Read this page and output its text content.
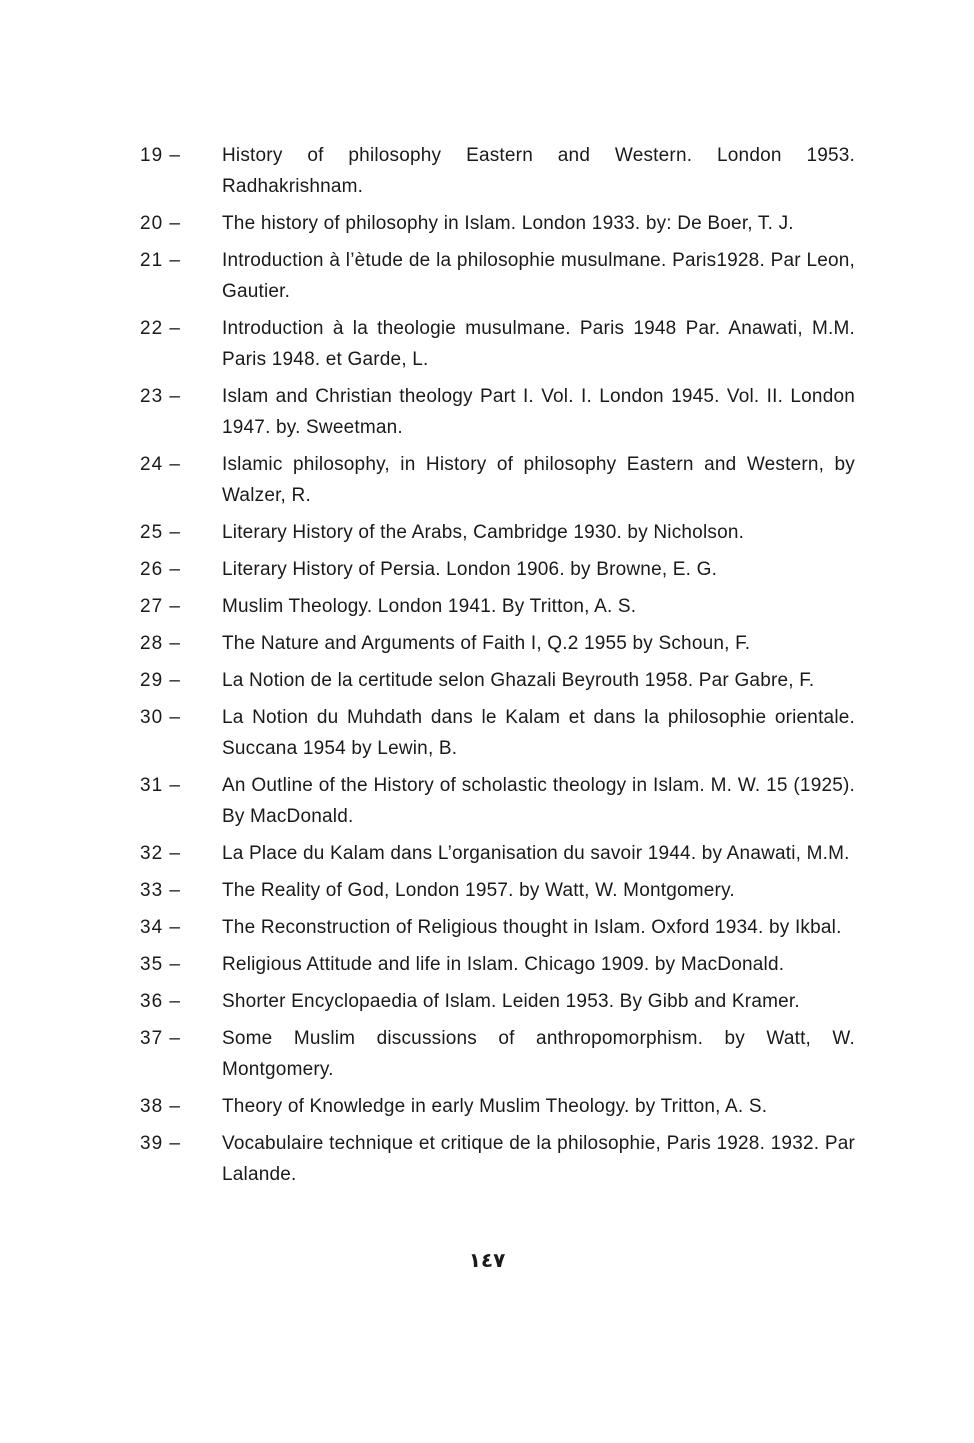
19 –	History of philosophy Eastern and Western. London 1953. Radhakrishnam.
20 –	The history of philosophy in Islam. London 1933. by: De Boer, T. J.
21 –	Introduction à l’ètude de la philosophie musulmane. Paris1928. Par Leon, Gautier.
22 –	Introduction à la theologie musulmane. Paris 1948 Par. Anawati, M.M. Paris 1948. et Garde, L.
23 –	Islam and Christian theology Part I. Vol. I. London 1945. Vol. II. London 1947. by. Sweetman.
24 –	Islamic philosophy, in History of philosophy Eastern and Western, by Walzer, R.
25 –	Literary History of the Arabs, Cambridge 1930. by Nicholson.
26 –	Literary History of Persia. London 1906. by Browne, E. G.
27 –	Muslim Theology. London 1941. By Tritton, A. S.
28 –	The Nature and Arguments of Faith I, Q.2 1955 by Schoun, F.
29 –	La Notion de la certitude selon Ghazali Beyrouth 1958. Par Gabre, F.
30 –	La Notion du Muhdath dans le Kalam et dans la philosophie orientale. Succana 1954 by Lewin, B.
31 –	An Outline of the History of scholastic theology in Islam. M. W. 15 (1925). By MacDonald.
32 –	La Place du Kalam dans L’organisation du savoir 1944. by Anawati, M.M.
33 –	The Reality of God, London 1957. by Watt, W. Montgomery.
34 –	The Reconstruction of Religious thought in Islam. Oxford 1934. by Ikbal.
35 –	Religious Attitude and life in Islam. Chicago 1909. by MacDonald.
36 –	Shorter Encyclopaedia of Islam. Leiden 1953. By Gibb and Kramer.
37 –	Some Muslim discussions of anthropomorphism. by Watt, W. Montgomery.
38 –	Theory of Knowledge in early Muslim Theology. by Tritton, A. S.
39 –	Vocabulaire technique et critique de la philosophie, Paris 1928. 1932. Par Lalande.
١٤٧
